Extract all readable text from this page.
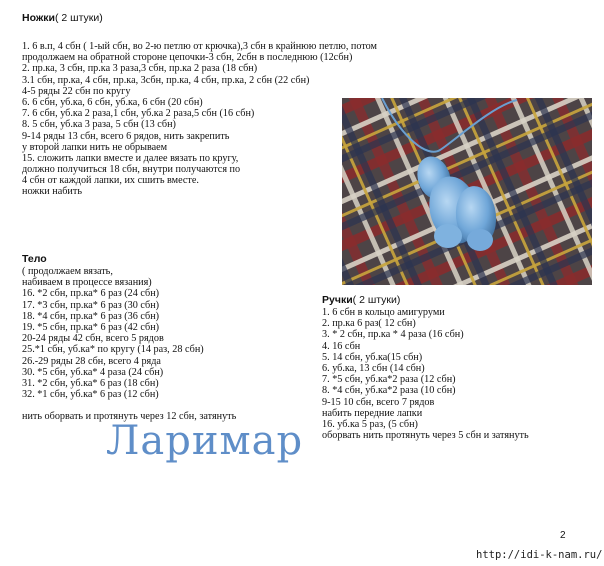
Ножки( 2 штуки)
1. 6 в.п, 4 сбн ( 1-ый сбн, во 2-ю петлю от крючка),3 сбн в крайнюю петлю, потом
продолжаем на обратной стороне цепочки-3 сбн, 2сбн в последнюю (12сбн)
2. пр.ка, 3 сбн, пр.ка 3 раза,3 сбн, пр.ка 2 раза (18 сбн)
3.1 сбн, пр.ка, 4 сбн, пр.ка, 3сбн, пр.ка, 4 сбн, пр.ка, 2 сбн (22 сбн)
4-5 ряды 22 сбн по кругу
6. 6 сбн, уб.ка, 6 сбн, уб.ка, 6 сбн (20 сбн)
7. 6 сбн, уб.ка 2 раза,1 сбн, уб.ка 2 раза,5 сбн (16 сбн)
8. 5 сбн, уб.ка 3 раза, 5 сбн (13 сбн)
9-14 ряды 13 сбн, всего 6 рядов, нить закрепить
у второй лапки нить не обрываем
15. сложить лапки вместе и далее вязать по кругу,
должно получиться 18 сбн, внутри получаются по
4 сбн от каждой лапки, их сшить вместе.
ножки набить
Тело
( продолжаем вязать,
набиваем в процессе вязания)
16. *2 сбн, пр.ка* 6 раз (24 сбн)
17. *3 сбн, пр.ка* 6 раз (30 сбн)
18. *4 сбн, пр.ка* 6 раз (36 сбн)
19. *5 сбн, пр.ка* 6 раз (42 сбн)
20-24 ряды 42 сбн, всего 5 рядов
25.*1 сбн, уб.ка* по кругу (14 раз, 28 сбн)
26.-29 ряды 28 сбн, всего 4 ряда
30. *5 сбн, уб.ка* 4 раза (24 сбн)
31. *2 сбн, уб.ка* 6 раз (18 сбн)
32. *1 сбн, уб.ка* 6 раз (12 сбн)
нить оборвать и протянуть через 12 сбн, затянуть
Ручки( 2 штуки)
1. 6 сбн в кольцо амигуруми
2. пр.ка 6 раз( 12 сбн)
3. * 2 сбн, пр.ка * 4 раза (16 сбн)
4. 16 сбн
5. 14 сбн, уб.ка(15 сбн)
6. уб.ка, 13 сбн (14 сбн)
7. *5 сбн, уб.ка*2 раза (12 сбн)
8. *4 сбн, уб.ка*2 раза (10 сбн)
9-15 10 сбн, всего 7 рядов
набить передние лапки
16. уб.ка 5 раз, (5 сбн)
оборвать нить протянуть через 5 сбн и затянуть
Ларимар
2
http://idi-k-nam.ru/
